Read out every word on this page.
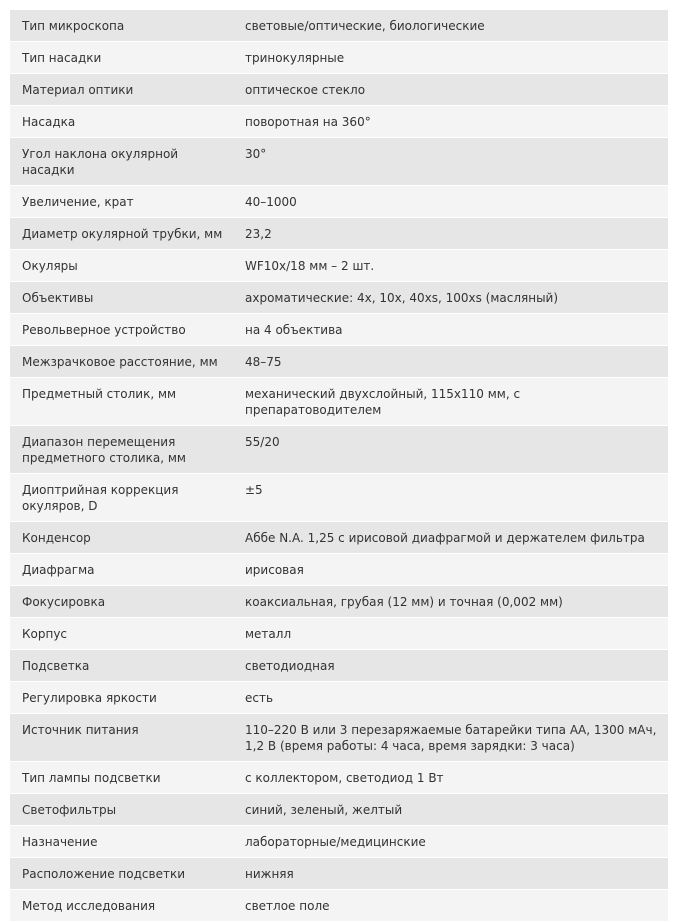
Тип микроскопа	световые/оптические, биологические
Тип насадки	тринокулярные
Материал оптики	оптическое стекло
Насадка	поворотная на 360°
Угол наклона окулярной насадки	30°
Увеличение, крат	40–1000
Диаметр окулярной трубки, мм	23,2
Окуляры	WF10x/18 мм – 2 шт.
Объективы	ахроматические: 4x, 10x, 40xs, 100xs (масляный)
Револьверное устройство	на 4 объектива
Межзрачковое расстояние, мм	48–75
Предметный столик, мм	механический двухслойный, 115x110 мм, с препаратоводителем
Диапазон перемещения предметного столика, мм	55/20
Диоптрийная коррекция окуляров, D	±5
Конденсор	Аббе N.A. 1,25 с ирисовой диафрагмой и держателем фильтра
Диафрагма	ирисовая
Фокусировка	коаксиальная, грубая (12 мм) и точная (0,002 мм)
Корпус	металл
Подсветка	светодиодная
Регулировка яркости	есть
Источник питания	110–220 В или 3 перезаряжаемые батарейки типа АА, 1300 мАч, 1,2 В (время работы: 4 часа, время зарядки: 3 часа)
Тип лампы подсветки	с коллектором, светодиод 1 Вт
Светофильтры	синий, зеленый, желтый
Назначение	лабораторные/медицинские
Расположение подсветки	нижняя
Метод исследования	светлое поле
